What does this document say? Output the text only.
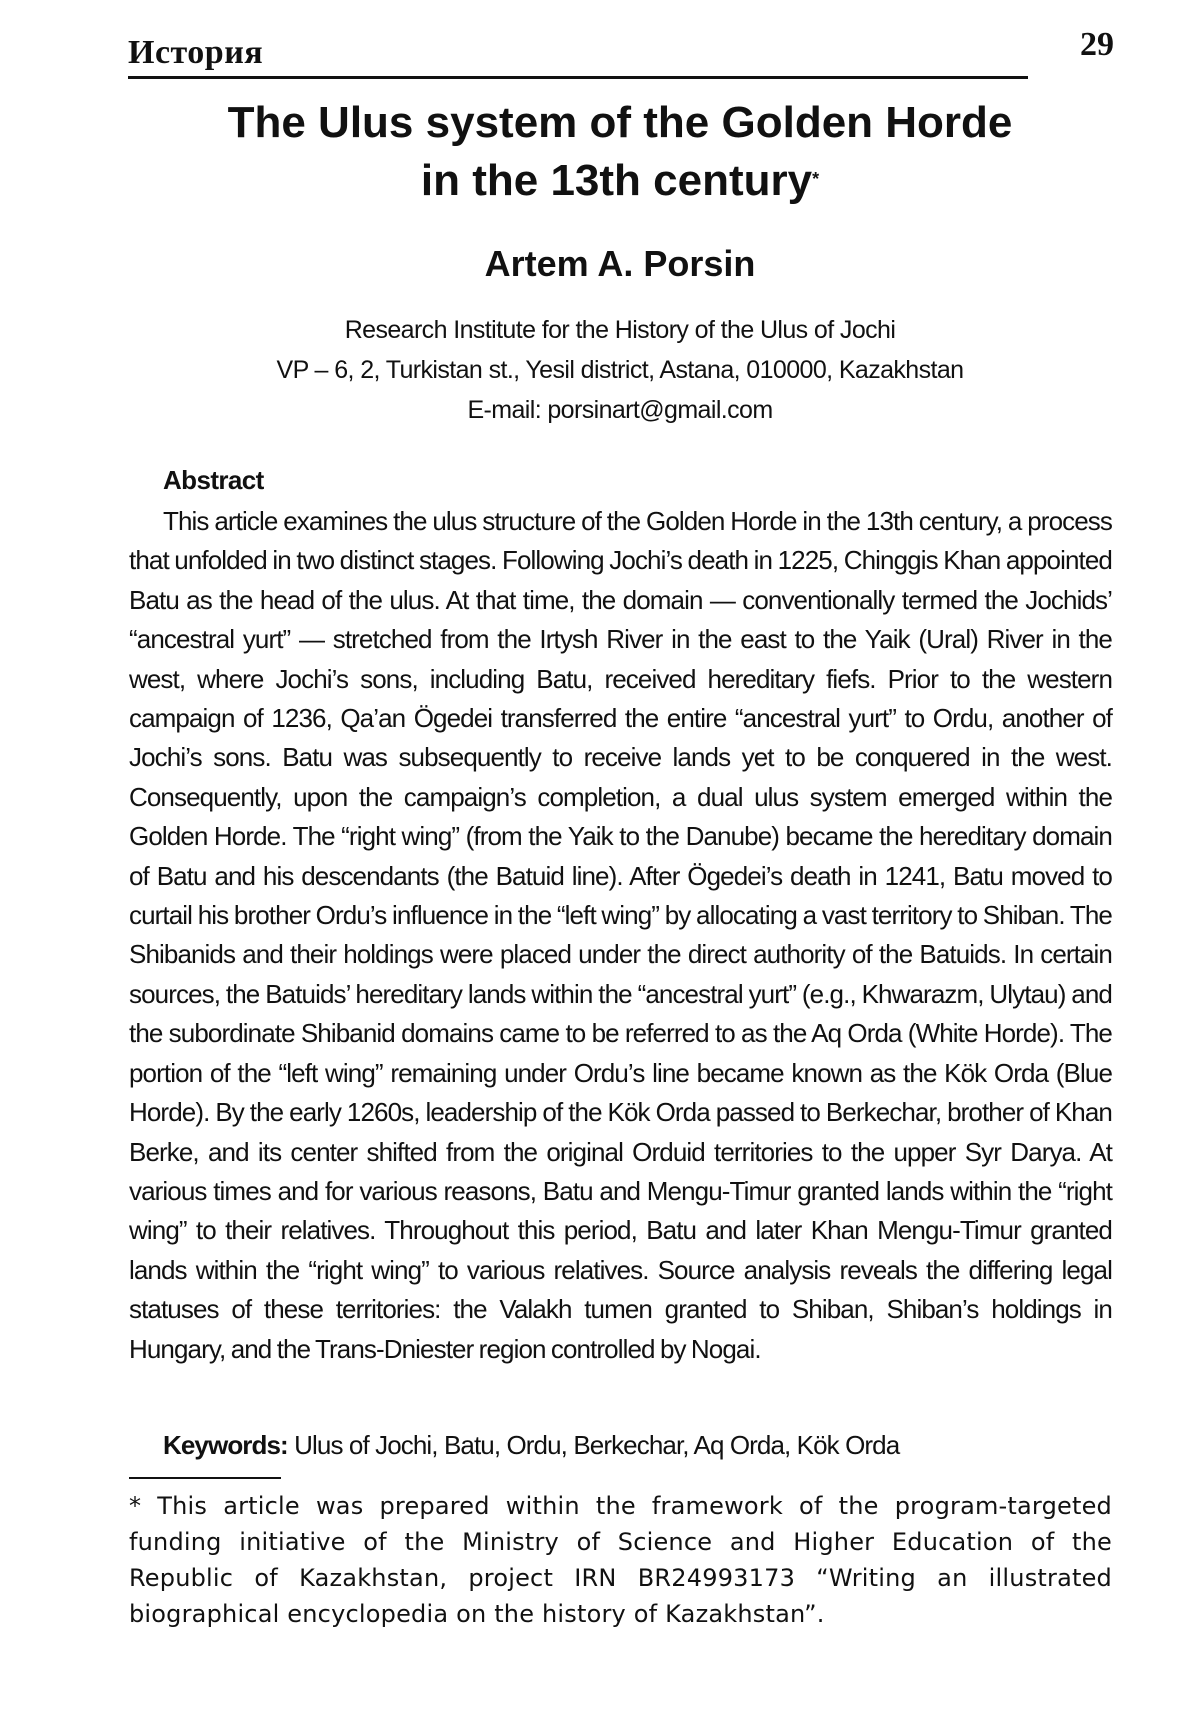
История	29
The Ulus system of the Golden Horde
in the 13th century*
Artem A. Porsin
Research Institute for the History of the Ulus of Jochi
VP – 6, 2, Turkistan st., Yesil district, Astana, 010000, Kazakhstan
E-mail: porsinart@gmail.com
Abstract

This article examines the ulus structure of the Golden Horde in the 13th century, a process that unfolded in two distinct stages. Following Jochi’s death in 1225, Chinggis Khan appointed Batu as the head of the ulus. At that time, the domain — conventionally termed the Jochids’ “ancestral yurt” — stretched from the Irtysh River in the east to the Yaik (Ural) River in the west, where Jochi’s sons, including Batu, received hereditary fiefs. Prior to the western campaign of 1236, Qa’an Ögedei transferred the entire “ancestral yurt” to Ordu, another of Jochi’s sons. Batu was subsequently to receive lands yet to be conquered in the west. Consequently, upon the campaign’s completion, a dual ulus system emerged within the Golden Horde. The “right wing” (from the Yaik to the Danube) became the hereditary domain of Batu and his descendants (the Batuid line). After Ögedei’s death in 1241, Batu moved to curtail his brother Ordu’s influence in the “left wing” by allocating a vast territory to Shiban. The Shibanids and their holdings were placed under the direct authority of the Batuids. In certain sources, the Batuids’ hereditary lands within the “ancestral yurt” (e.g., Khwarazm, Ulytau) and the subordinate Shibanid domains came to be referred to as the Aq Orda (White Horde). The portion of the “left wing” remaining under Ordu’s line became known as the Kök Orda (Blue Horde). By the early 1260s, leadership of the Kök Orda passed to Berkechar, brother of Khan Berke, and its center shifted from the original Orduid territories to the upper Syr Darya. At various times and for various reasons, Batu and Mengu-Timur granted lands within the “right wing” to their relatives. Throughout this period, Batu and later Khan Mengu-Timur granted lands within the “right wing” to various relatives. Source analysis reveals the differing legal statuses of these territories: the Valakh tumen granted to Shiban, Shiban’s holdings in Hungary, and the Trans-Dniester region controlled by Nogai.

Keywords: Ulus of Jochi, Batu, Ordu, Berkechar, Aq Orda, Kök Orda

* This article was prepared within the framework of the program-targeted funding initiative of the Ministry of Science and Higher Education of the Republic of Kazakhstan, project IRN BR24993173 “Writing an illustrated biographical encyclopedia on the history of Kazakhstan”.
